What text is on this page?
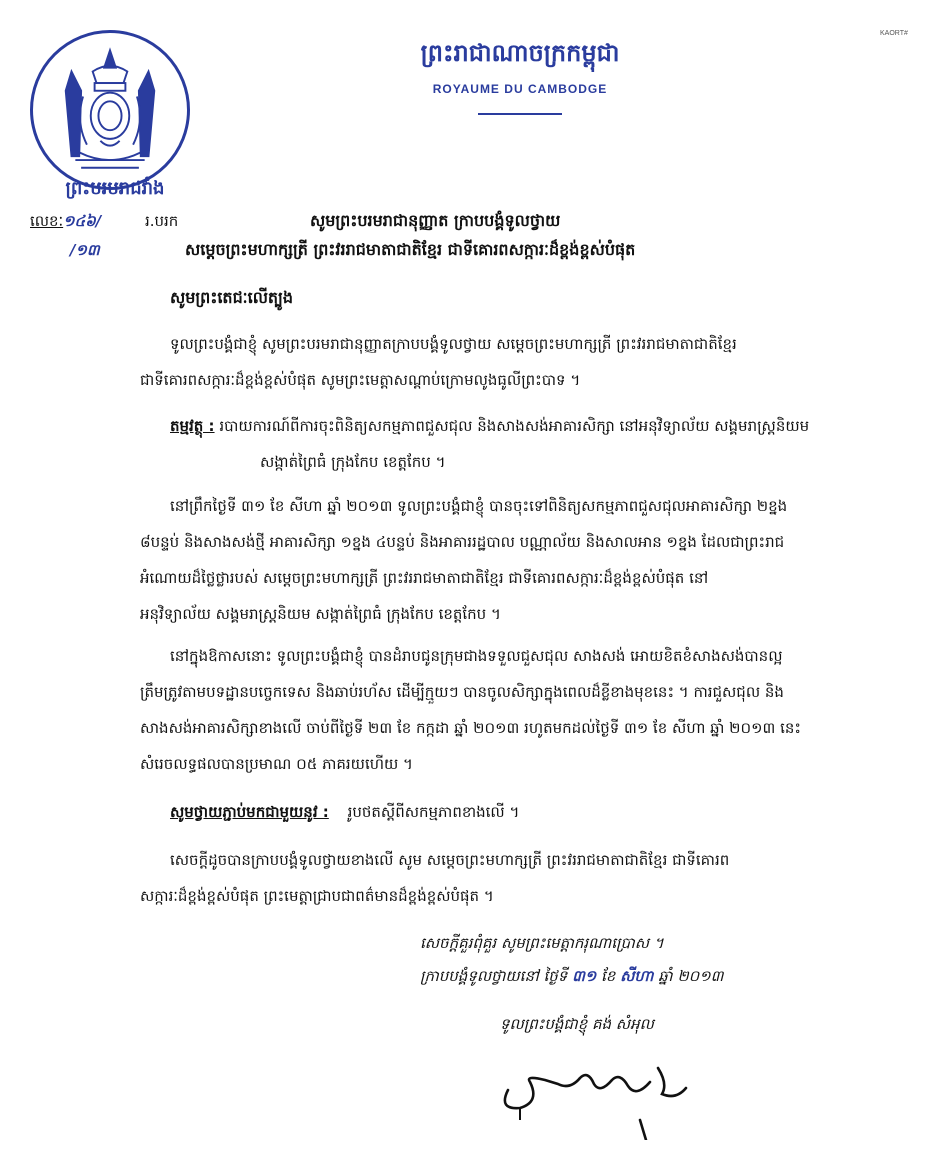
ព្រះបរមរាជវាំង
ព្រះរាជាណាចក្រកម្ពុជា
ROYAUME DU CAMBODGE
KAORT#
លេខៈ១៤៦/
/១៣
រ.បរក	សូមព្រះបរមរាជានុញ្ញាត ក្រាបបង្គំទូលថ្វាយ
សម្តេចព្រះមហាក្សត្រី ព្រះវររាជមាតាជាតិខ្មែរ ជាទីគោរពសក្ការៈដ៏ខ្ពង់ខ្ពស់បំផុត
សូមព្រះតេជៈលើត្បូង
ទូលព្រះបង្គំជាខ្ញុំ សូមព្រះបរមរាជានុញ្ញាតក្រាបបង្គំទូលថ្វាយ សម្តេចព្រះមហាក្សត្រី ព្រះវររាជមាតាជាតិខ្មែរ
ជាទីគោរពសក្ការៈដ៏ខ្ពង់ខ្ពស់បំផុត សូមព្រះមេត្តាសណ្ដាប់ក្រោមលូងធូលីព្រះបាទ ។
តម្មវត្ថុ : របាយការណ៍ពីការចុះពិនិត្យសកម្មភាពជួសជុល និងសាងសង់អាគារសិក្សា នៅអនុវិទ្យាល័យ សង្គមរាស្ត្រនិយម
សង្កាត់ព្រៃធំ ក្រុងកែប ខេត្តកែប ។
នៅព្រឹកថ្ងៃទី ៣១ ខែ សីហា ឆ្នាំ ២០១៣ ទូលព្រះបង្គំជាខ្ញុំ បានចុះទៅពិនិត្យសកម្មភាពជួសជុលអាគារសិក្សា ២ខ្នង
៨បន្ទប់ និងសាងសង់ថ្មី អាគារសិក្សា ១ខ្នង ៤បន្ទប់ និងអាគាររដ្ឋបាល បណ្ណាល័យ និងសាលអាន ១ខ្នង ដែលជាព្រះរាជ
អំណោយដ៏ថ្លៃថ្លារបស់ សម្តេចព្រះមហាក្សត្រី ព្រះវររាជមាតាជាតិខ្មែរ ជាទីគោរពសក្ការៈដ៏ខ្ពង់ខ្ពស់បំផុត នៅ
អនុវិទ្យាល័យ សង្គមរាស្ត្រនិយម សង្កាត់ព្រៃធំ ក្រុងកែប ខេត្តកែប ។
នៅក្នុងឱកាសនោះ ទូលព្រះបង្គំជាខ្ញុំ បានដំរាបជូនក្រុមជាងទទួលជួសជុល សាងសង់ អោយខិតខំសាងសង់បានល្អ
ត្រឹមត្រូវតាមបទដ្ឋានបច្ចេកទេស និងឆាប់រហ័ស ដើម្បីក្មួយៗ បានចូលសិក្សាក្នុងពេលដ៏ខ្លីខាងមុខនេះ ។ ការជួសជុល និង
សាងសង់អាគារសិក្សាខាងលើ ចាប់ពីថ្ងៃទី ២៣ ខែ កក្កដា ឆ្នាំ ២០១៣ រហូតមកដល់ថ្ងៃទី ៣១ ខែ សីហា ឆ្នាំ ២០១៣ នេះ
សំរេចលទ្ធផលបានប្រមាណ ០៥ ភាគរយហើយ ។
សូមថ្វាយភ្ជាប់មកជាមួយនូវ : រូបថតស្តីពីសកម្មភាពខាងលើ ។
សេចក្ដីដូចបានក្រាបបង្គំទូលថ្វាយខាងលើ សូម សម្តេចព្រះមហាក្សត្រី ព្រះវររាជមាតាជាតិខ្មែរ ជាទីគោរព
សក្ការៈដ៏ខ្ពង់ខ្ពស់បំផុត ព្រះមេត្តាជ្រាបជាពត៌មានដ៏ខ្ពង់ខ្ពស់បំផុត ។
សេចក្ដីគួរពុំគួរ សូមព្រះមេត្តាករុណាប្រោស ។
ក្រាបបង្គំទូលថ្វាយនៅ ថ្ងៃទី ៣១ ខែ សីហា ឆ្នាំ ២០១៣
ទូលព្រះបង្គំជាខ្ញុំ គង់ សំអុល
